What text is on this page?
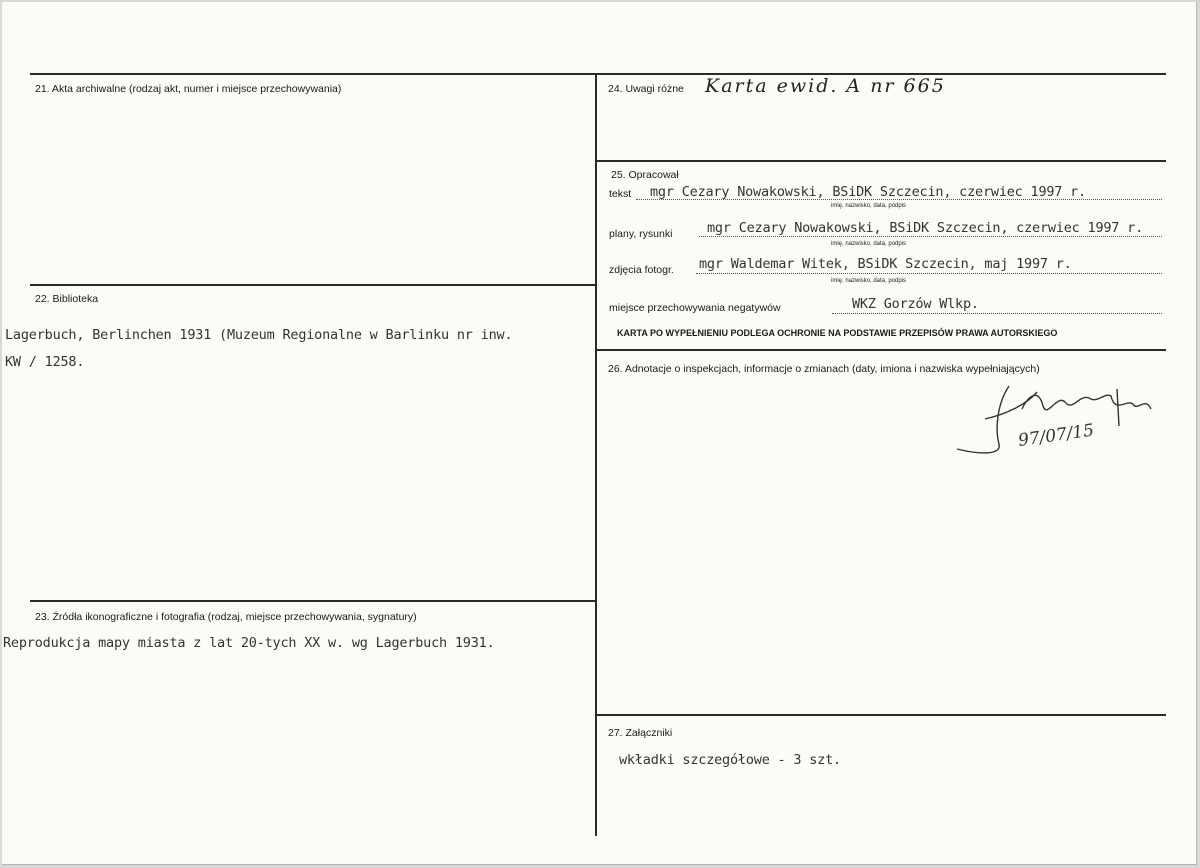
21. Akta archiwalne (rodzaj akt, numer i miejsce przechowywania)
22. Biblioteka
Lagerbuch, Berlinchen 1931 (Muzeum Regionalne w Barlinku nr inw.
KW / 1258.
23. Źródła ikonograficzne i fotografia (rodzaj, miejsce przechowywania, sygnatury)
Reprodukcja mapy miasta z lat 20-tych XX w. wg Lagerbuch 1931.
24. Uwagi różne Karta ewid. A nr 665
25. Opracował
tekst mgr Cezary Nowakowski, BSiDK Szczecin, czerwiec 1997 r.
imię, nazwisko, data, podpis
plany, rysunki	mgr Cezary Nowakowski, BSiDK Szczecin, czerwiec 1997 r.
imię, nazwisko, data, podpis
zdjęcia fotogr. mgr Waldemar Witek, BSiDK Szczecin, maj 1997 r.
imię, nazwisko, data, podpis
miejsce przechowywania negatywów	WKZ Gorzów Wlkp.
KARTA PO WYPEŁNIENIU PODLEGA OCHRONIE NA PODSTAWIE PRZEPISÓW PRAWA AUTORSKIEGO
26. Adnotacje o inspekcjach, informacje o zmianach (daty, imiona i nazwiska wypełniających)
97/07/15
27. Załączniki
wkładki szczegółowe - 3 szt.
